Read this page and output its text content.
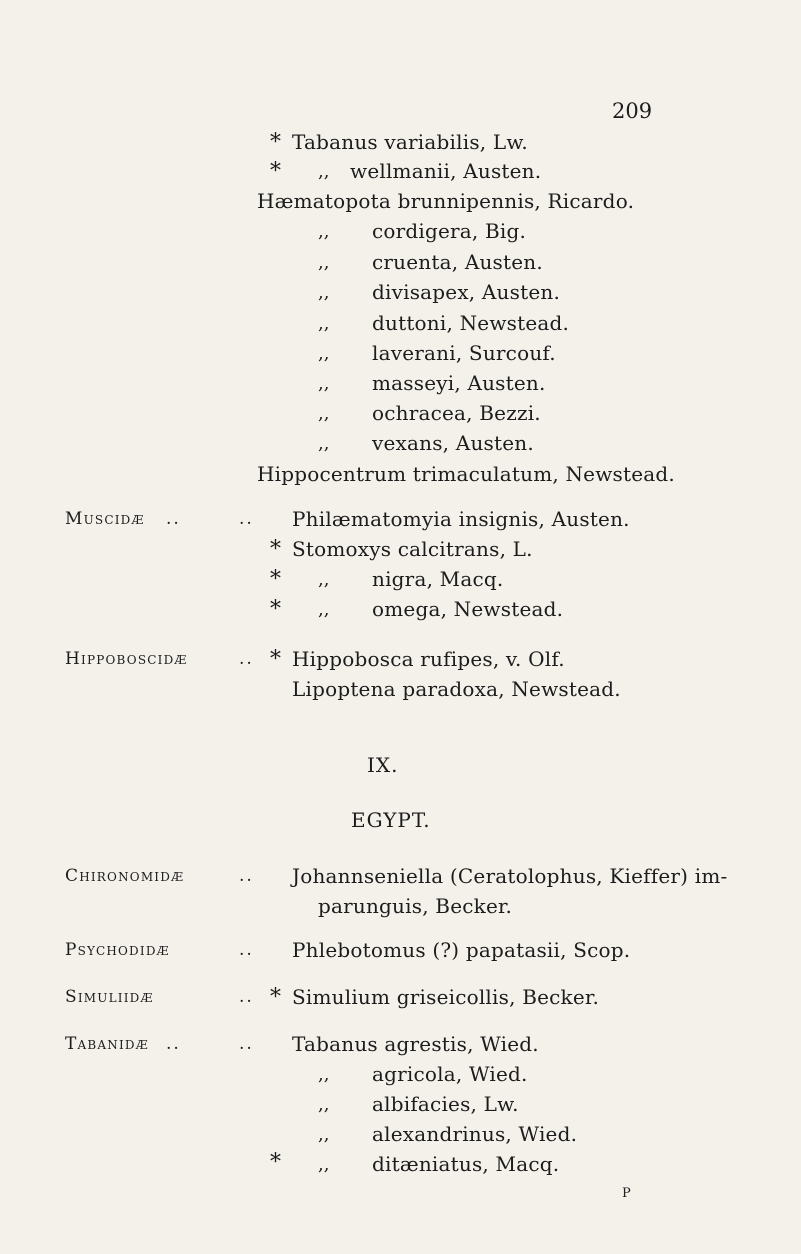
209
* Tabanus variabilis, Lw.
* ,, wellmanii, Austen.
Hæmatopota brunnipennis, Ricardo.
,, cordigera, Big.
,, cruenta, Austen.
,, divisapex, Austen.
,, duttoni, Newstead.
,, laverani, Surcouf.
,, masseyi, Austen.
,, ochracea, Bezzi.
,, vexans, Austen.
Hippocentrum trimaculatum, Newstead.
Muscidæ ..	.. Philæmatomyia insignis, Austen.
* Stomoxys calcitrans, L.
* ,, nigra, Macq.
* ,, omega, Newstead.
Hippoboscidæ	.. * Hippobosca rufipes, v. Olf.
Lipoptena paradoxa, Newstead.
IX.
EGYPT.
Chironomidæ	.. Johannseniella (Ceratolophus, Kieffer) im-
parunguis, Becker.
Psychodidæ	.. Phlebotomus (?) papatasii, Scop.
Simuliidæ	.. * Simulium griseicollis, Becker.
Tabanidæ ..	.. Tabanus agrestis, Wied.
,, agricola, Wied.
,, albifacies, Lw.
,, alexandrinus, Wied.
* ,, ditæniatus, Macq.
P
